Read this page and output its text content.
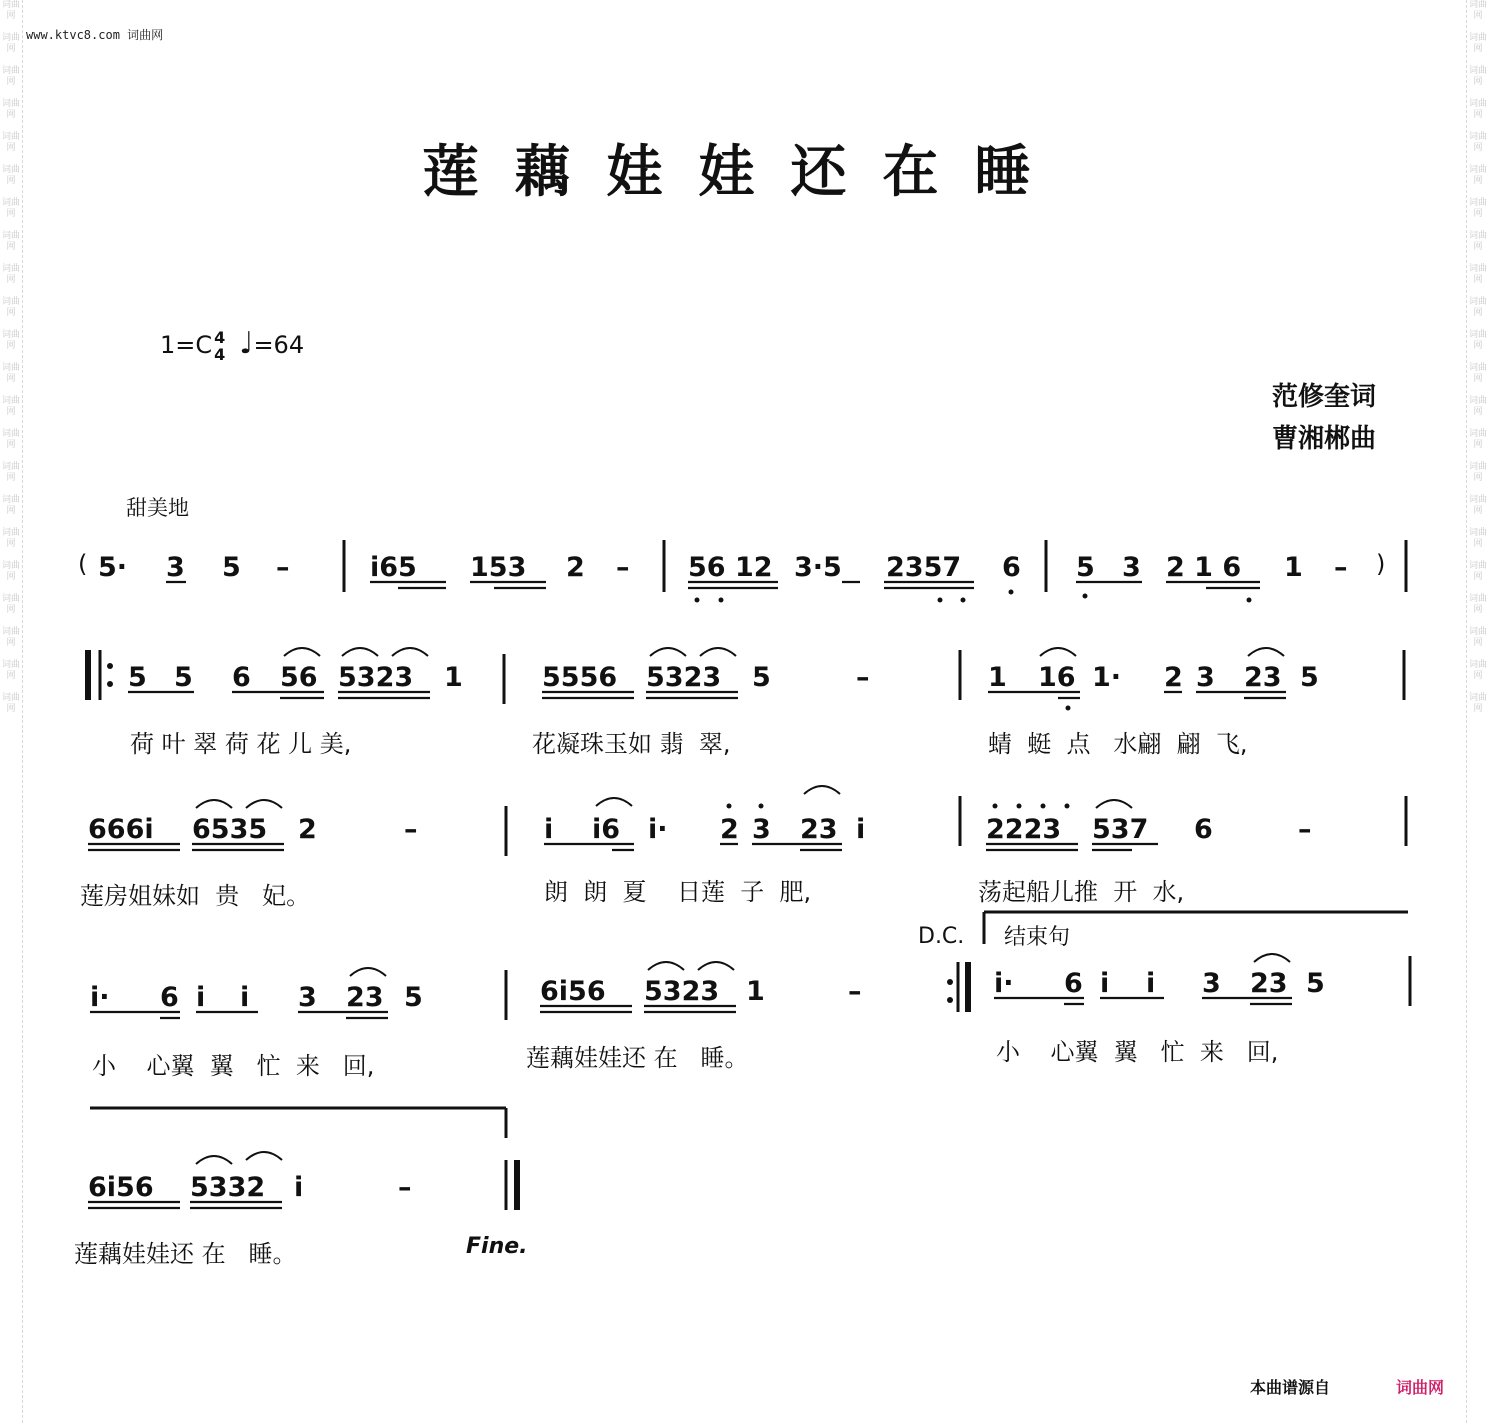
词曲网

词曲网

词曲网

词曲网

词曲网

词曲网

词曲网

词曲网

词曲网

词曲网

词曲网

词曲网

词曲网

词曲网

词曲网

词曲网

词曲网

词曲网

词曲网

词曲网

词曲网

词曲网
词曲网

词曲网

词曲网

词曲网

词曲网

词曲网

词曲网

词曲网

词曲网

词曲网

词曲网

词曲网

词曲网

词曲网

词曲网

词曲网

词曲网

词曲网

词曲网

词曲网

词曲网

词曲网
www.ktvc8.com 词曲网
莲藕娃娃还在睡
1=C 4
4 ♩=64
范修奎词
曹湘郴曲
甜美地
( 5· 3 5 –	i65 153 2 – 56 12 3·5 2357 6 5 3 2 1 6 1 – )
5 5 6 56 5323 1	5556 5323 5	–	1 16 1· 2 3 23 5
666i 6535 2	–	i i6 i· 2 3 23 i	2223 537 6	–
i· 6 i i 3 23 5	6i56 5323 1	–	i· 6 i i 3 23 5
6i56 5332 i	–
荷 叶 翠 荷 花 儿 美,	花凝珠玉如 翡  翠,	蜻  蜓  点   水翩  翩  飞,
莲房姐妹如  贵   妃。	朗  朗  夏    日莲  子  肥,	荡起船儿推  开  水,
小    心翼  翼   忙  来   回,	莲藕娃娃还 在   睡。	小    心翼  翼   忙  来   回,
莲藕娃娃还 在   睡。
D.C. 结束句
Fine.
本曲谱源自	词曲网
